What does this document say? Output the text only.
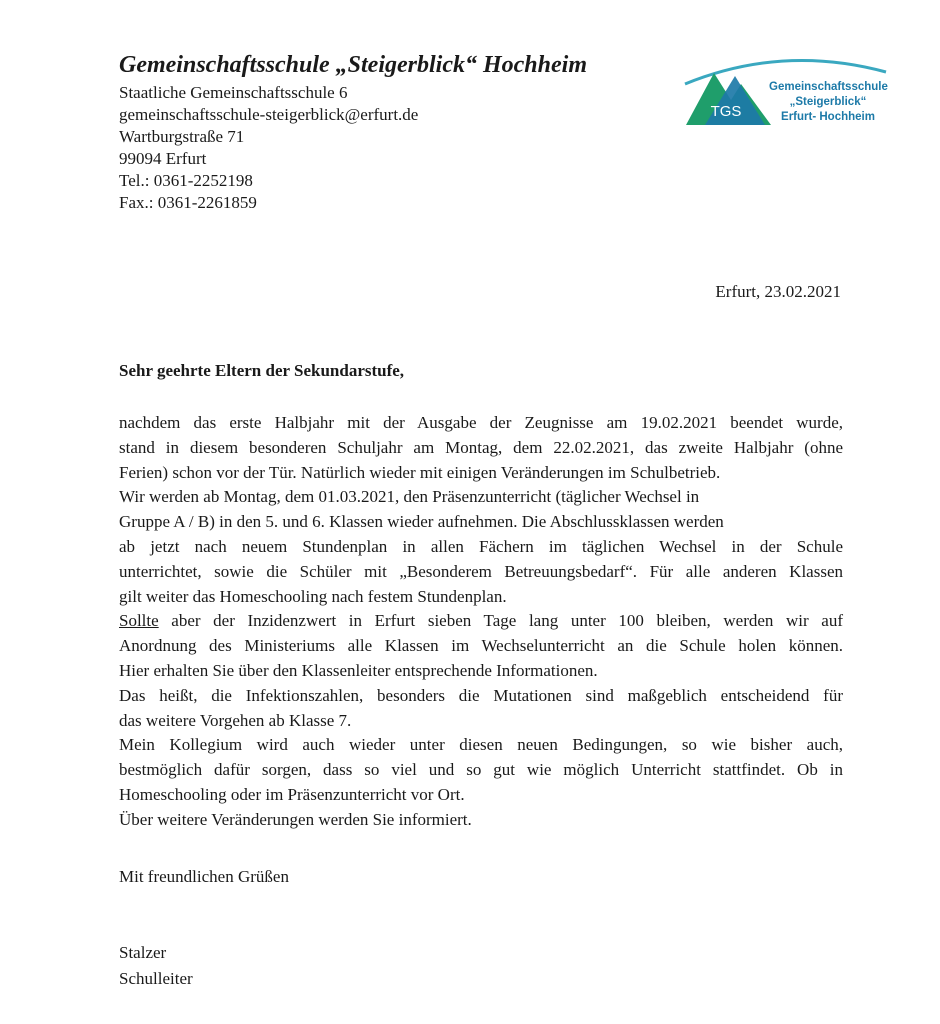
Gemeinschaftsschule „Steigerblick“ Hochheim
Staatliche Gemeinschaftsschule 6
gemeinschaftsschule-steigerblick@erfurt.de
Wartburgstraße 71
99094 Erfurt
Tel.: 0361-2252198
Fax.: 0361-2261859
TGS
Gemeinschaftsschule
„Steigerblick“
Erfurt- Hochheim
Erfurt, 23.02.2021
Sehr geehrte Eltern der Sekundarstufe,
nachdem das erste Halbjahr mit der Ausgabe der Zeugnisse am 19.02.2021 beendet wurde,
stand in diesem besonderen Schuljahr am Montag, dem 22.02.2021, das zweite Halbjahr (ohne
Ferien) schon vor der Tür. Natürlich wieder mit einigen Veränderungen im Schulbetrieb.
Wir werden ab Montag, dem 01.03.2021, den Präsenzunterricht (täglicher Wechsel in
Gruppe A / B) in den 5. und 6. Klassen wieder aufnehmen. Die Abschlussklassen werden
ab jetzt nach neuem Stundenplan in allen Fächern im täglichen Wechsel in der Schule
unterrichtet, sowie die Schüler mit „Besonderem Betreuungsbedarf“. Für alle anderen Klassen
gilt weiter das Homeschooling nach festem Stundenplan.
Sollte aber der Inzidenzwert in Erfurt sieben Tage lang unter 100 bleiben, werden wir auf
Anordnung des Ministeriums alle Klassen im Wechselunterricht an die Schule holen können.
Hier erhalten Sie über den Klassenleiter entsprechende Informationen.
Das heißt, die Infektionszahlen, besonders die Mutationen sind maßgeblich entscheidend für
das weitere Vorgehen ab Klasse 7.
Mein Kollegium wird auch wieder unter diesen neuen Bedingungen, so wie bisher auch,
bestmöglich dafür sorgen, dass so viel und so gut wie möglich Unterricht stattfindet. Ob in
Homeschooling oder im Präsenzunterricht vor Ort.
Über weitere Veränderungen werden Sie informiert.
Mit freundlichen Grüßen
Stalzer
Schulleiter
